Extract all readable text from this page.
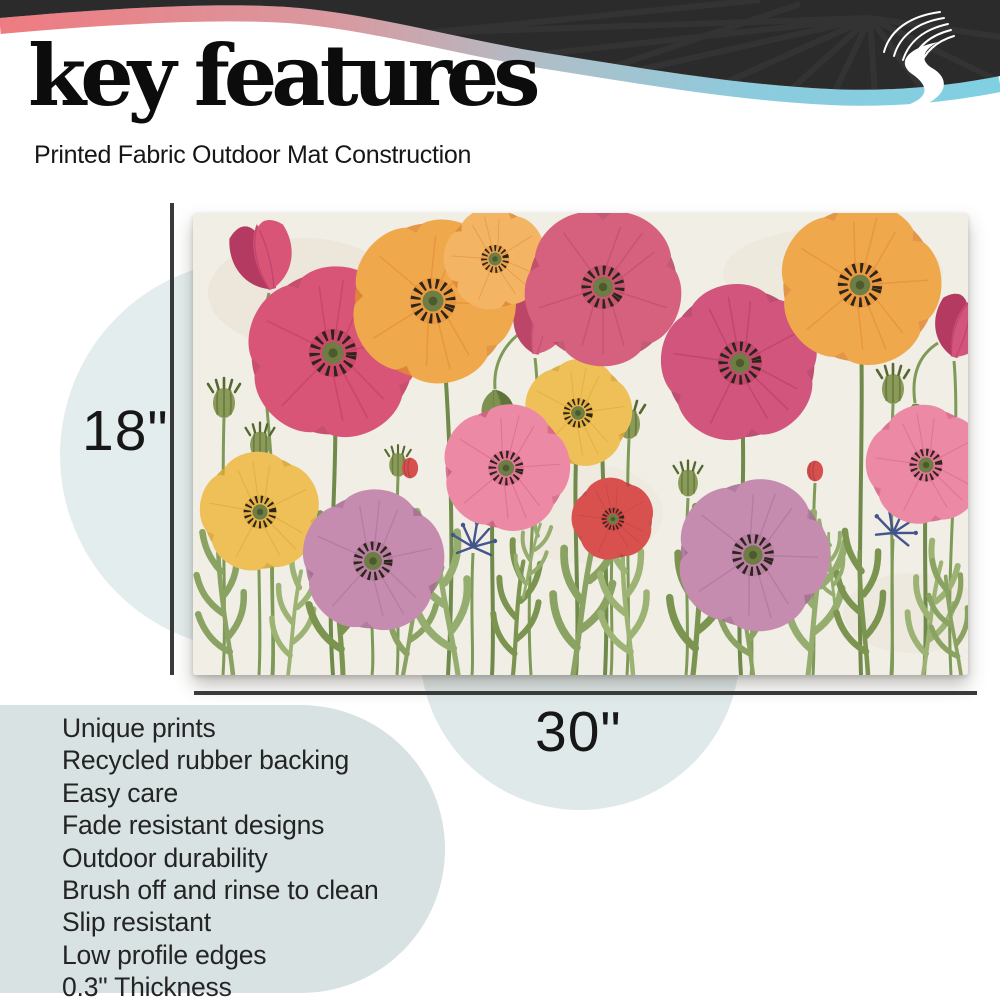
18"
30"
Unique prints
Recycled rubber backing
Easy care
Fade resistant designs
Outdoor durability
Brush off and rinse to clean
Slip resistant
Low profile edges
0.3" Thickness
key features
Printed Fabric Outdoor Mat Construction
